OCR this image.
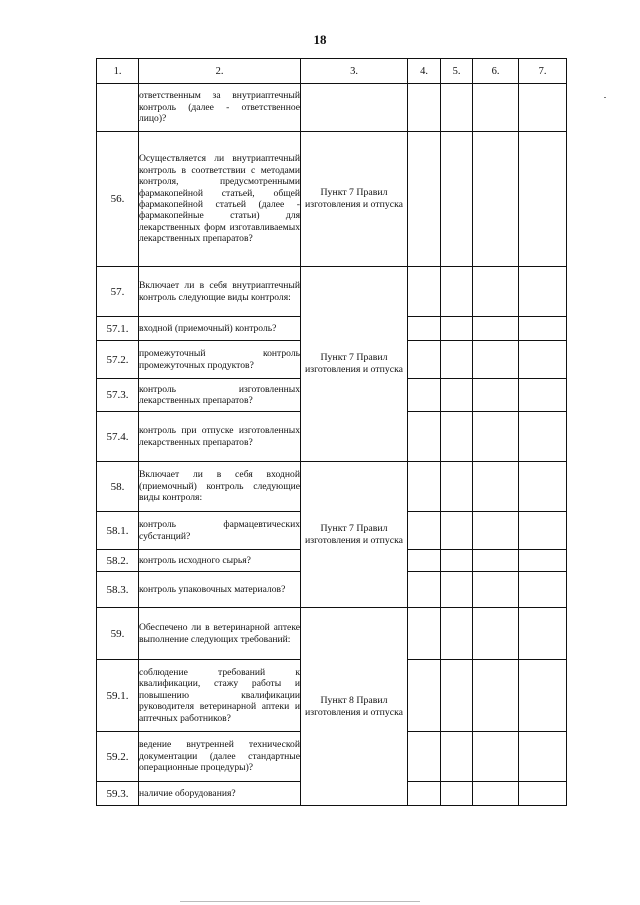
18
1.	2.	3.	4.	5.	6.	7.

	ответственным за внутриаптечный контроль (далее - ответственное лицо)?					

56.	Осуществляется ли внутриаптечный контроль в соответствии с методами контроля, предусмотренными фармакопейной статьей, общей фармакопейной статьей (далее - фармакопейные статьи) для лекарственных форм изготавливаемых лекарственных препаратов?	Пункт 7 Правил изготовления и отпуска				
57.	Включает ли в себя внутриаптечный контроль следующие виды контроля:	Пункт 7 Правил изготовления и отпуска				
57.1.	входной (приемочный) контроль?					

57.2.	промежуточный контроль промежуточных продуктов?					

57.3.	контроль изготовленных лекарственных препаратов?					

57.4.	контроль при отпуске изготовленных лекарственных препаратов?					

58.	Включает ли в себя входной (приемочный) контроль следующие виды контроля:	Пункт 7 Правил изготовления и отпуска				
58.1.	контроль фармацевтических субстанций?					

58.2.	контроль исходного сырья?					

58.3.	контроль упаковочных материалов?					

59.	Обеспечено ли в ветеринарной аптеке выполнение следующих требований:	Пункт 8 Правил изготовления и отпуска				
59.1.	соблюдение требований к квалификации, стажу работы и повышению квалификации руководителя ветеринарной аптеки и аптечных работников?					

59.2.	ведение внутренней технической документации (далее стандартные операционные процедуры)?					

59.3.	наличие оборудования?					
